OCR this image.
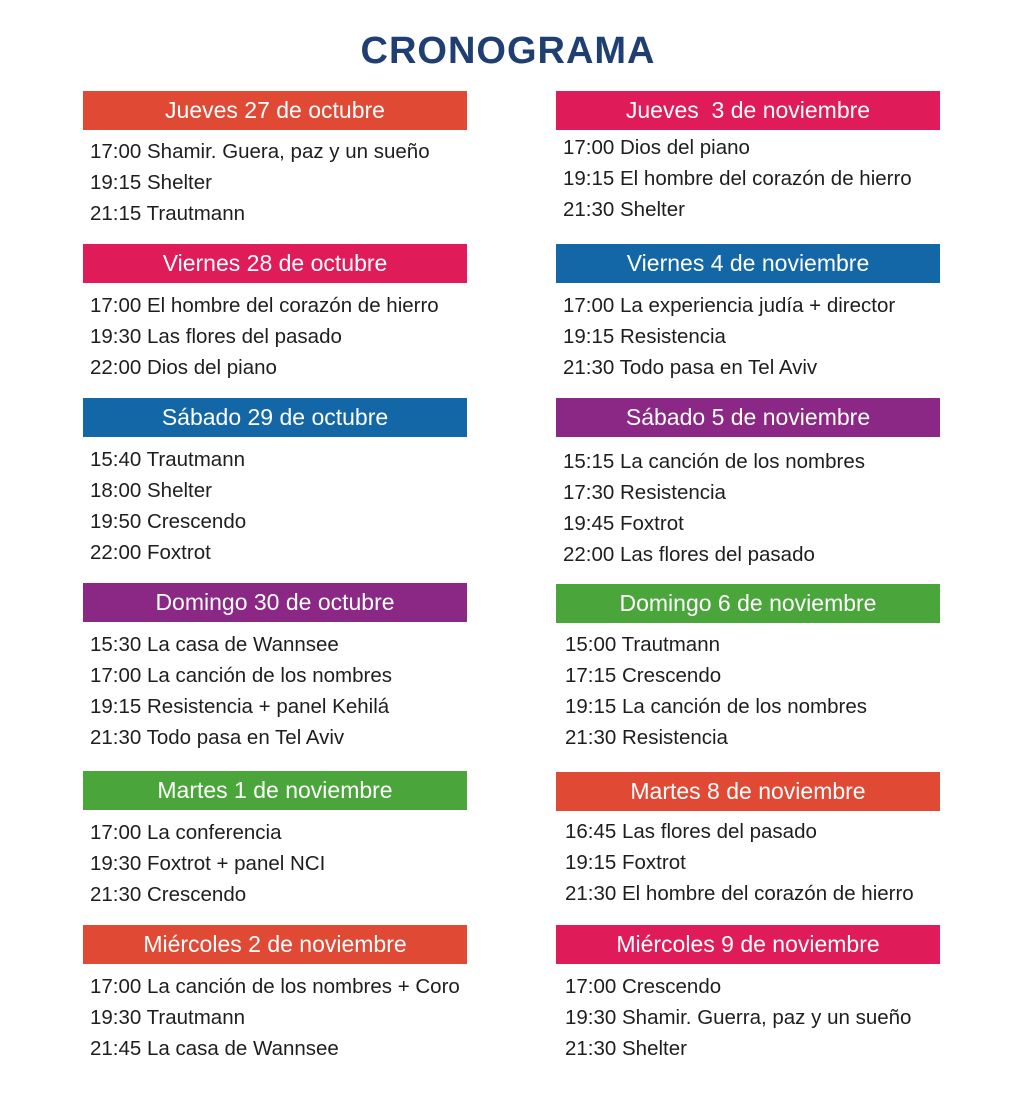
CRONOGRAMA
Jueves 27 de octubre
17:00 Shamir. Guera, paz y un sueño
19:15 Shelter
21:15 Trautmann
Viernes 28 de octubre
17:00 El hombre del corazón de hierro
19:30 Las flores del pasado
22:00 Dios del piano
Sábado 29 de octubre
15:40 Trautmann
18:00 Shelter
19:50 Crescendo
22:00 Foxtrot
Domingo 30 de octubre
15:30 La casa de Wannsee
17:00 La canción de los nombres
19:15 Resistencia + panel Kehilá
21:30 Todo pasa en Tel Aviv
Martes 1 de noviembre
17:00 La conferencia
19:30 Foxtrot + panel NCI
21:30 Crescendo
Miércoles 2 de noviembre
17:00 La canción de los nombres + Coro
19:30 Trautmann
21:45 La casa de Wannsee
Jueves  3 de noviembre
17:00 Dios del piano
19:15 El hombre del corazón de hierro
21:30 Shelter
Viernes 4 de noviembre
17:00 La experiencia judía + director
19:15 Resistencia
21:30 Todo pasa en Tel Aviv
Sábado 5 de noviembre
15:15 La canción de los nombres
17:30 Resistencia
19:45 Foxtrot
22:00 Las flores del pasado
Domingo 6 de noviembre
15:00 Trautmann
17:15 Crescendo
19:15 La canción de los nombres
21:30 Resistencia
Martes 8 de noviembre
16:45 Las flores del pasado
19:15 Foxtrot
21:30 El hombre del corazón de hierro
Miércoles 9 de noviembre
17:00 Crescendo
19:30 Shamir. Guerra, paz y un sueño
21:30 Shelter
